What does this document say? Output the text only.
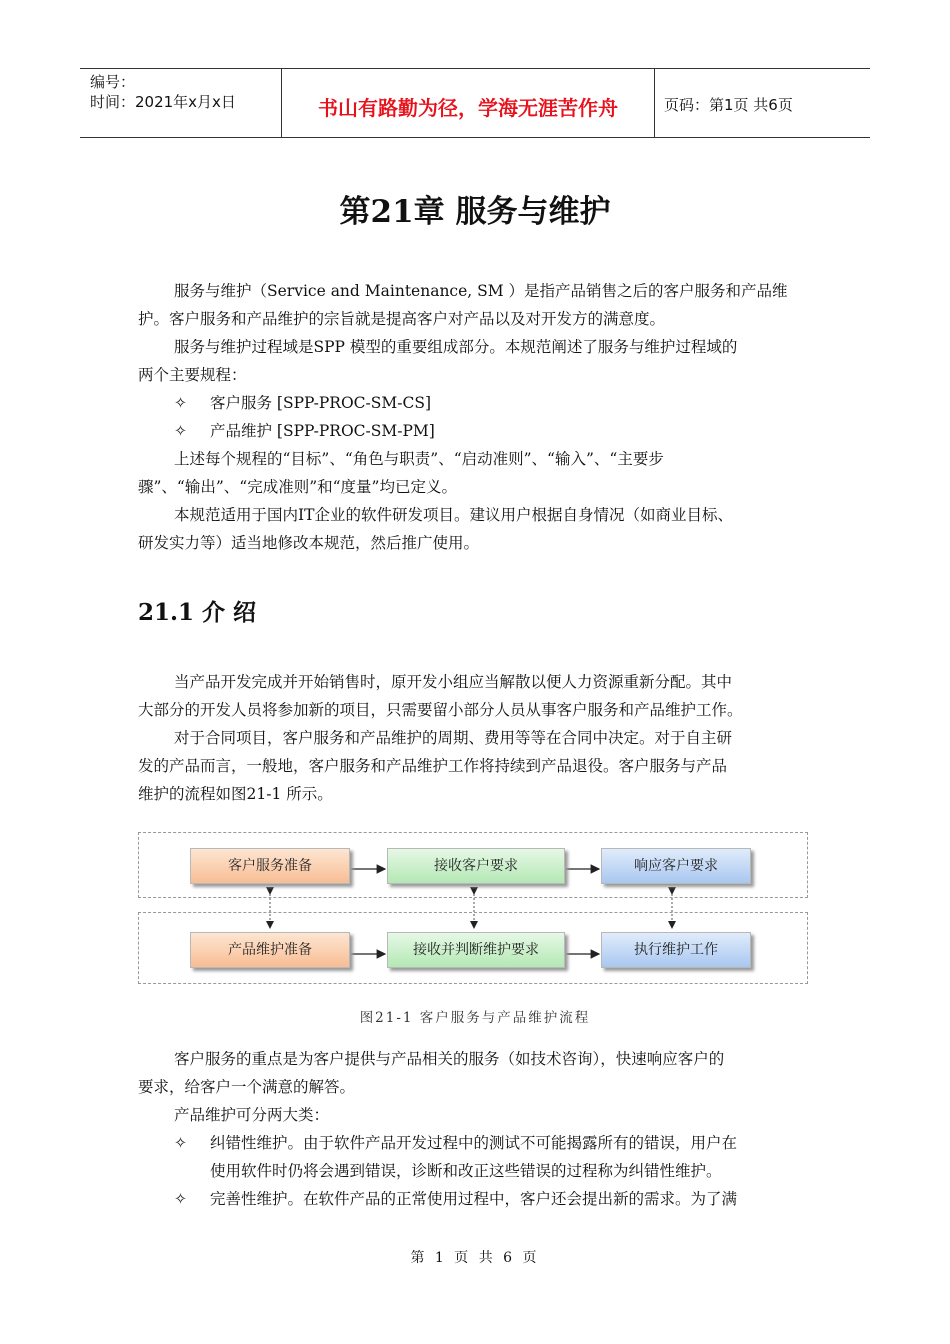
编号：
时间：2021年x月x日	书山有路勤为径，学海无涯苦作舟	页码：第1页 共6页
第21章 服务与维护
服务与维护（Service and Maintenance, SM ）是指产品销售之后的客户服务和产品维
护。客户服务和产品维护的宗旨就是提高客户对产品以及对开发方的满意度。
服务与维护过程域是SPP 模型的重要组成部分。本规范阐述了服务与维护过程域的
两个主要规程：
✧ 客户服务 [SPP-PROC-SM-CS]
✧ 产品维护 [SPP-PROC-SM-PM]
上述每个规程的“目标”、“角色与职责”、“启动准则”、“输入”、“主要步
骤”、“输出”、“完成准则”和“度量”均已定义。
本规范适用于国内IT企业的软件研发项目。建议用户根据自身情况（如商业目标、
研发实力等）适当地修改本规范，然后推广使用。
21.1 介 绍
当产品开发完成并开始销售时，原开发小组应当解散以便人力资源重新分配。其中
大部分的开发人员将参加新的项目，只需要留小部分人员从事客户服务和产品维护工作。
对于合同项目，客户服务和产品维护的周期、费用等等在合同中决定。对于自主研
发的产品而言，一般地，客户服务和产品维护工作将持续到产品退役。客户服务与产品
维护的流程如图21-1 所示。
客户服务准备	接收客户要求	响应客户要求
产品维护准备	接收并判断维护要求	执行维护工作
图21-1 客户服务与产品维护流程
客户服务的重点是为客户提供与产品相关的服务（如技术咨询），快速响应客户的
要求，给客户一个满意的解答。
产品维护可分两大类：
✧ 纠错性维护。由于软件产品开发过程中的测试不可能揭露所有的错误，用户在
使用软件时仍将会遇到错误，诊断和改正这些错误的过程称为纠错性维护。
✧ 完善性维护。在软件产品的正常使用过程中，客户还会提出新的需求。为了满
第 1 页 共 6 页
